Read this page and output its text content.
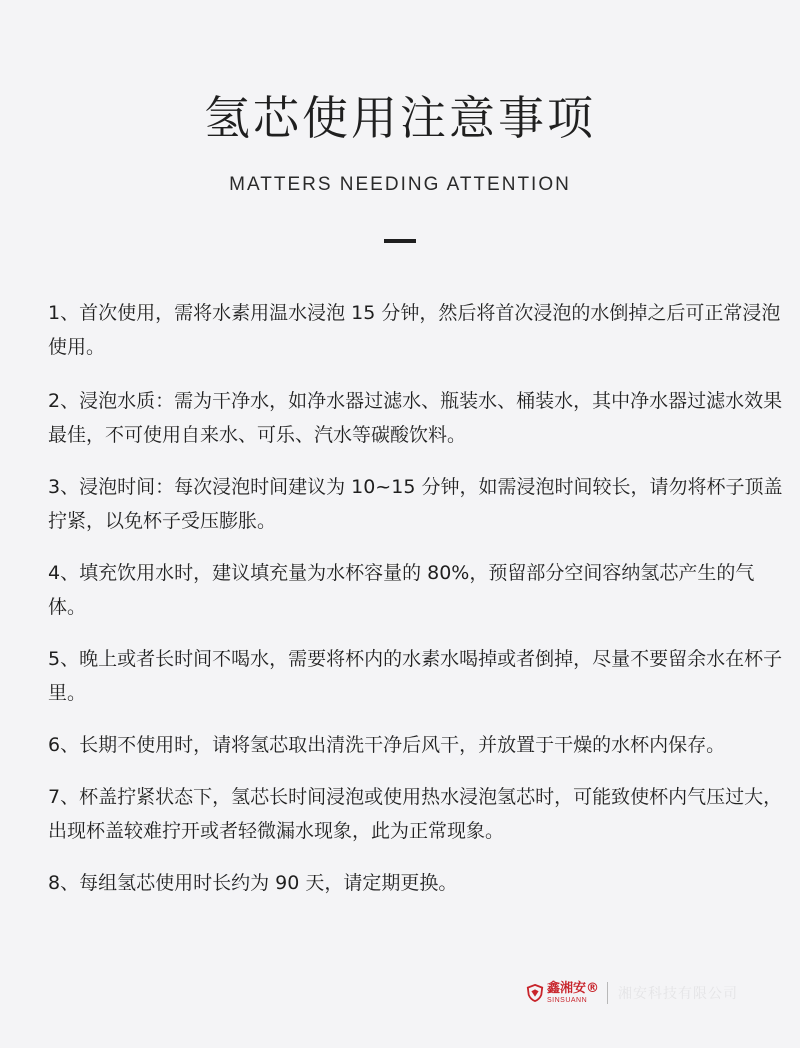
氢芯使用注意事项
MATTERS NEEDING ATTENTION
1、首次使用，需将水素用温水浸泡 15 分钟，然后将首次浸泡的水倒掉之后可正常浸泡使用。
2、浸泡水质：需为干净水，如净水器过滤水、瓶装水、桶装水，其中净水器过滤水效果最佳，不可使用自来水、可乐、汽水等碳酸饮料。
3、浸泡时间：每次浸泡时间建议为 10~15 分钟，如需浸泡时间较长，请勿将杯子顶盖拧紧，以免杯子受压膨胀。
4、填充饮用水时，建议填充量为水杯容量的 80%，预留部分空间容纳氢芯产生的气体。
5、晚上或者长时间不喝水，需要将杯内的水素水喝掉或者倒掉，尽量不要留余水在杯子里。
6、长期不使用时，请将氢芯取出清洗干净后风干，并放置于干燥的水杯内保存。
7、杯盖拧紧状态下，氢芯长时间浸泡或使用热水浸泡氢芯时，可能致使杯内气压过大，出现杯盖较难拧开或者轻微漏水现象，此为正常现象。
8、每组氢芯使用时长约为 90 天，请定期更换。
鑫湘安®
SINSUANN	湘安科技有限公司
